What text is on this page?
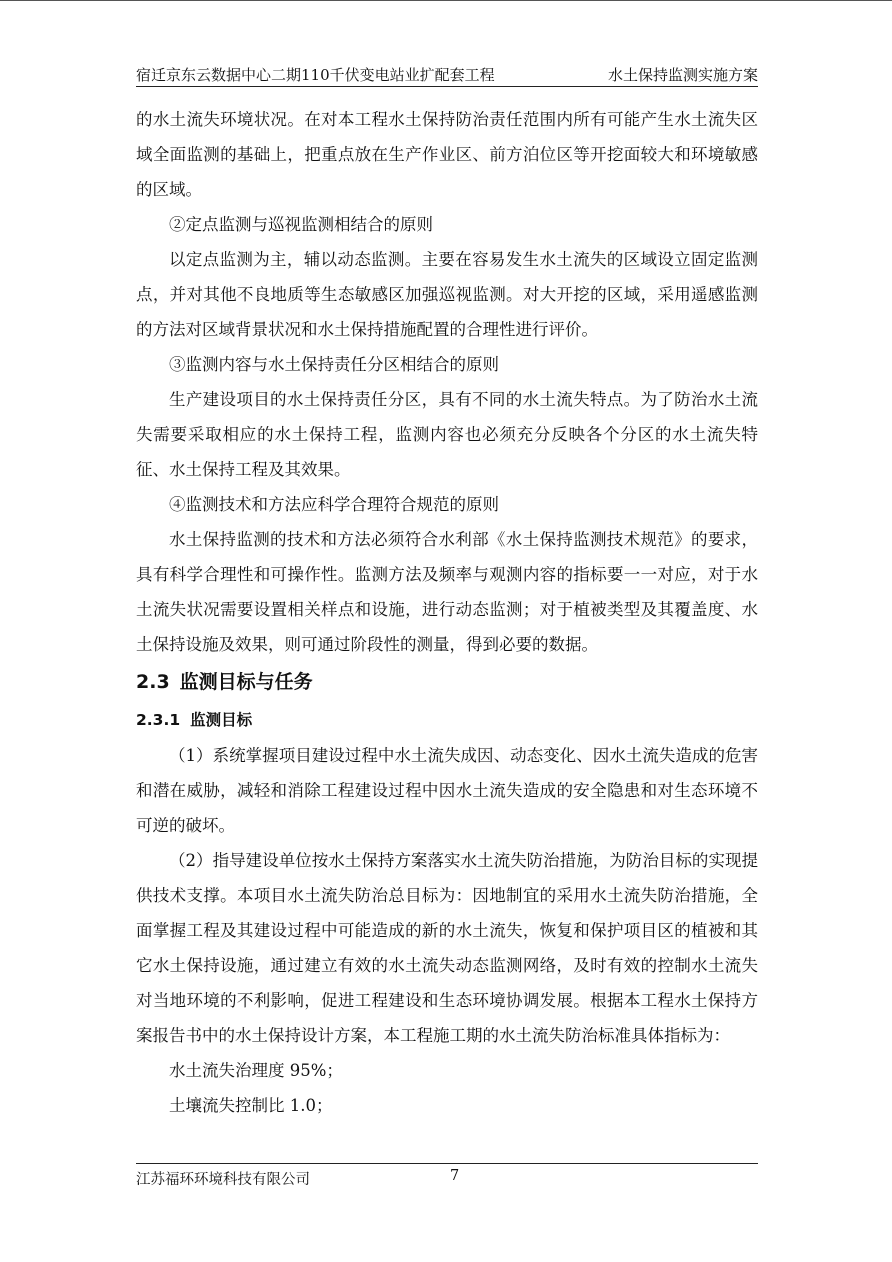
宿迁京东云数据中心二期110千伏变电站业扩配套工程	水土保持监测实施方案

的水土流失环境状况。在对本工程水土保持防治责任范围内所有可能产生水土流失区域全面监测的基础上，把重点放在生产作业区、前方泊位区等开挖面较大和环境敏感的区域。

②定点监测与巡视监测相结合的原则

以定点监测为主，辅以动态监测。主要在容易发生水土流失的区域设立固定监测点，并对其他不良地质等生态敏感区加强巡视监测。对大开挖的区域，采用遥感监测的方法对区域背景状况和水土保持措施配置的合理性进行评价。

③监测内容与水土保持责任分区相结合的原则

生产建设项目的水土保持责任分区，具有不同的水土流失特点。为了防治水土流失需要采取相应的水土保持工程，监测内容也必须充分反映各个分区的水土流失特征、水土保持工程及其效果。

④监测技术和方法应科学合理符合规范的原则

水土保持监测的技术和方法必须符合水利部《水土保持监测技术规范》的要求，具有科学合理性和可操作性。监测方法及频率与观测内容的指标要一一对应，对于水土流失状况需要设置相关样点和设施，进行动态监测；对于植被类型及其覆盖度、水土保持设施及效果，则可通过阶段性的测量，得到必要的数据。

2.3 监测目标与任务
2.3.1 监测目标

（1）系统掌握项目建设过程中水土流失成因、动态变化、因水土流失造成的危害和潜在威胁，减轻和消除工程建设过程中因水土流失造成的安全隐患和对生态环境不可逆的破坏。

（2）指导建设单位按水土保持方案落实水土流失防治措施，为防治目标的实现提供技术支撑。本项目水土流失防治总目标为：因地制宜的采用水土流失防治措施，全面掌握工程及其建设过程中可能造成的新的水土流失，恢复和保护项目区的植被和其它水土保持设施，通过建立有效的水土流失动态监测网络，及时有效的控制水土流失对当地环境的不利影响，促进工程建设和生态环境协调发展。根据本工程水土保持方案报告书中的水土保持设计方案，本工程施工期的水土流失防治标准具体指标为：

水土流失治理度 95%；

土壤流失控制比 1.0；

江苏福环环境科技有限公司	7
